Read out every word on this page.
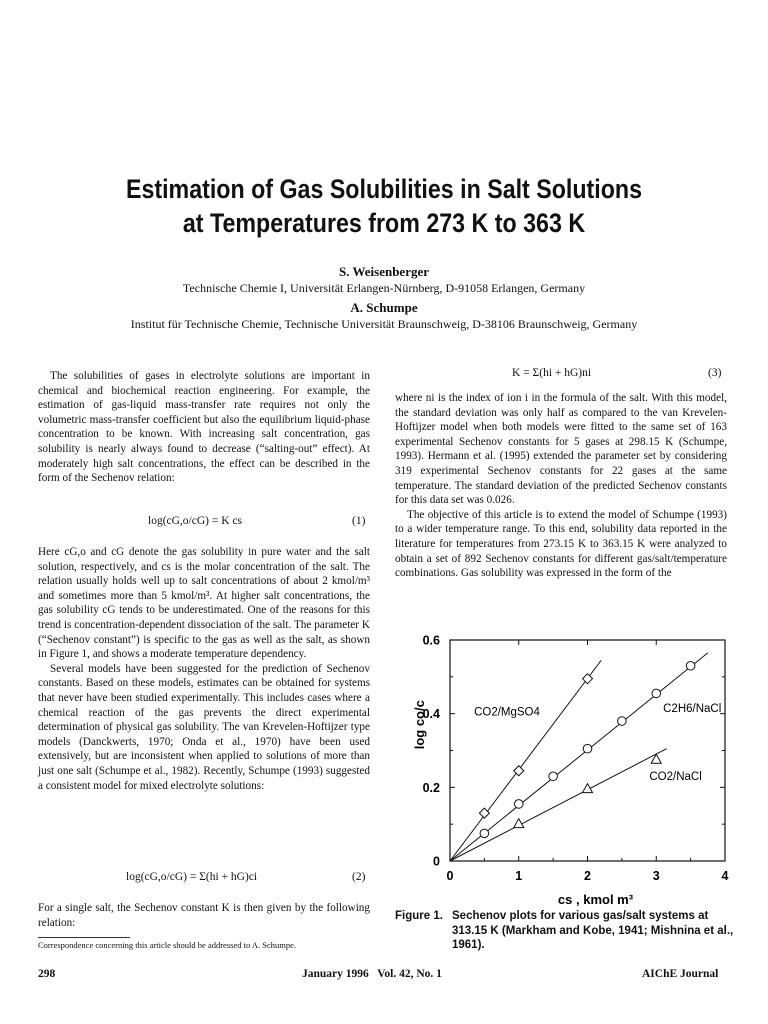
Estimation of Gas Solubilities in Salt Solutions
at Temperatures from 273 K to 363 K
S. Weisenberger
Technische Chemie I, Universität Erlangen-Nürnberg, D-91058 Erlangen, Germany
A. Schumpe
Institut für Technische Chemie, Technische Universität Braunschweig, D-38106 Braunschweig, Germany

The solubilities of gases in electrolyte solutions are important in chemical and biochemical reaction engineering. For example, the estimation of gas-liquid mass-transfer rate requires not only the volumetric mass-transfer coefficient but also the equilibrium liquid-phase concentration to be known. With increasing salt concentration, gas solubility is nearly always found to decrease (“salting-out” effect). At moderately high salt concentrations, the effect can be described in the form of the Sechenov relation:

log(cG,o/cG) = K cs	(1)

Here cG,o and cG denote the gas solubility in pure water and the salt solution, respectively, and cs is the molar concentration of the salt. The relation usually holds well up to salt concentrations of about 2 kmol/m³ and sometimes more than 5 kmol/m³. At higher salt concentrations, the gas solubility cG tends to be underestimated. One of the reasons for this trend is concentration-dependent dissociation of the salt. The parameter K (“Sechenov constant”) is specific to the gas as well as the salt, as shown in Figure 1, and shows a moderate temperature dependency.

Several models have been suggested for the prediction of Sechenov constants. Based on these models, estimates can be obtained for systems that never have been studied experimentally. This includes cases where a chemical reaction of the gas prevents the direct experimental determination of physical gas solubility. The van Krevelen-Hoftijzer type models (Danckwerts, 1970; Onda et al., 1970) have been used extensively, but are inconsistent when applied to solutions of more than just one salt (Schumpe et al., 1982). Recently, Schumpe (1993) suggested a consistent model for mixed electrolyte solutions:

log(cG,o/cG) = Σ(hi + hG)ci	(2)

For a single salt, the Sechenov constant K is then given by the following relation:

Correspondence concerning this article should be addressed to A. Schumpe.
K = Σ(hi + hG)ni	(3)

where ni is the index of ion i in the formula of the salt. With this model, the standard deviation was only half as compared to the van Krevelen-Hoftijzer model when both models were fitted to the same set of 163 experimental Sechenov constants for 5 gases at 298.15 K (Schumpe, 1993). Hermann et al. (1995) extended the parameter set by considering 319 experimental Sechenov constants for 22 gases at the same temperature. The standard deviation of the predicted Sechenov constants for this data set was 0.026.

The objective of this article is to extend the model of Schumpe (1993) to a wider temperature range. To this end, solubility data reported in the literature for temperatures from 273.15 K to 363.15 K were analyzed to obtain a set of 892 Sechenov constants for different gas/salt/temperature combinations. Gas solubility was expressed in the form of the

0	1	2	3	4
0
0.2
0.4
0.6
cs , kmol m³
log co/c	CO2/MgSO4	C2H6/NaCl
CO2/NaCl
Figure 1. Sechenov plots for various gas/salt systems at 313.15 K (Markham and Kobe, 1941; Mishnina et al., 1961).
298	January 1996   Vol. 42, No. 1	AIChE Journal
